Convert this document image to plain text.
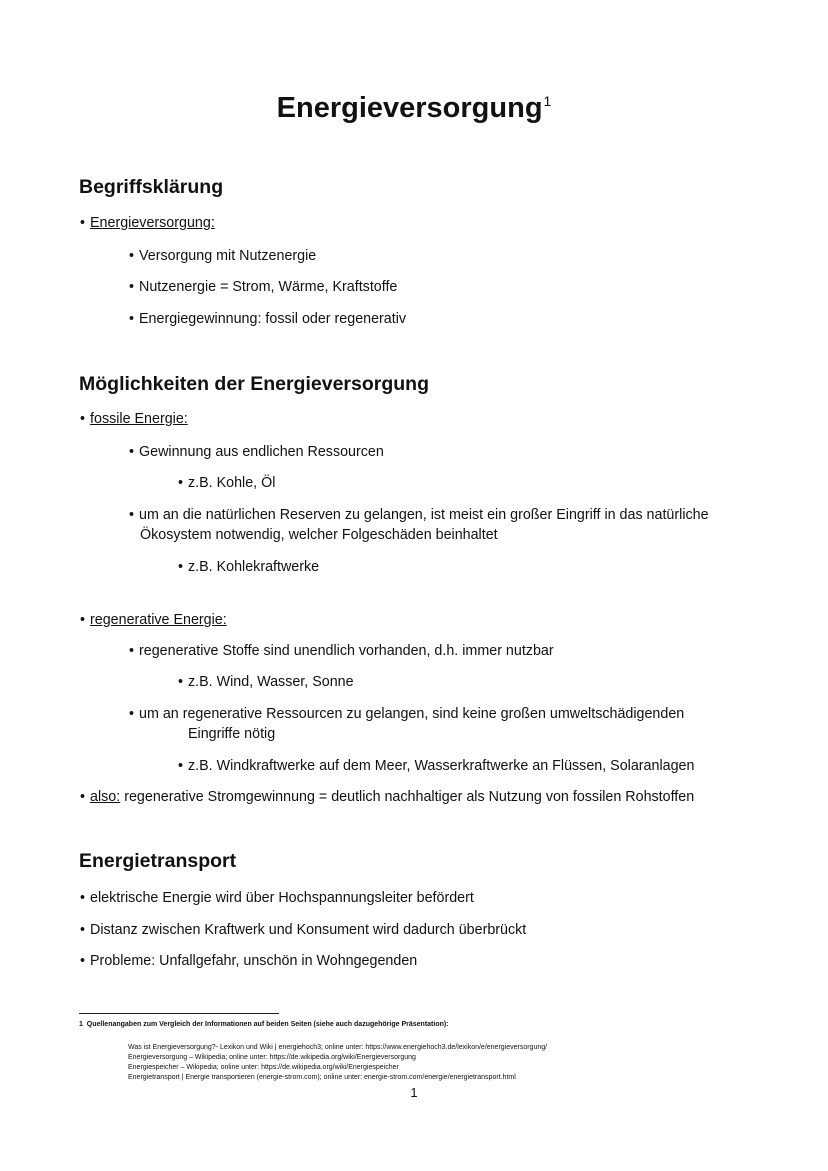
Energieversorgung$^1$
Begriffsklärung
• Energieversorgung:
• Versorgung mit Nutzenergie
• Nutzenergie = Strom, Wärme, Kraftstoffe
• Energiegewinnung: fossil oder regenerativ
Möglichkeiten der Energieversorgung
• fossile Energie:
• Gewinnung aus endlichen Ressourcen
• z.B. Kohle, Öl
• um an die natürlichen Reserven zu gelangen, ist meist ein großer Eingriff in das natürliche
Ökosystem notwendig, welcher Folgeschäden beinhaltet
• z.B. Kohlekraftwerke
• regenerative Energie:
• regenerative Stoffe sind unendlich vorhanden, d.h. immer nutzbar
• z.B. Wind, Wasser, Sonne
• um an regenerative Ressourcen zu gelangen, sind keine großen umweltschädigenden
Eingriffe nötig
• z.B. Windkraftwerke auf dem Meer, Wasserkraftwerke an Flüssen, Solaranlagen
• also: regenerative Stromgewinnung = deutlich nachhaltiger als Nutzung von fossilen Rohstoffen
Energietransport
• elektrische Energie wird über Hochspannungsleiter befördert
• Distanz zwischen Kraftwerk und Konsument wird dadurch überbrückt
• Probleme: Unfallgefahr, unschön in Wohngegenden
1 Quellenangaben zum Vergleich der Informationen auf beiden Seiten (siehe auch dazugehörige Präsentation):
Was ist Energieversorgung?- Lexikon und Wiki | energiehoch3; online unter: https://www.energiehoch3.de/lexikon/e/energieversorgung/
Energieversorgung – Wikipedia; online unter: https://de.wikipedia.org/wiki/Energieversorgung
Energiespeicher – Wikipedia; online unter: https://de.wikipedia.org/wiki/Energiespeicher
Energietransport | Energie transportieren (energie-strom.com); online unter: energie-strom.com/energie/energietransport.html
1
